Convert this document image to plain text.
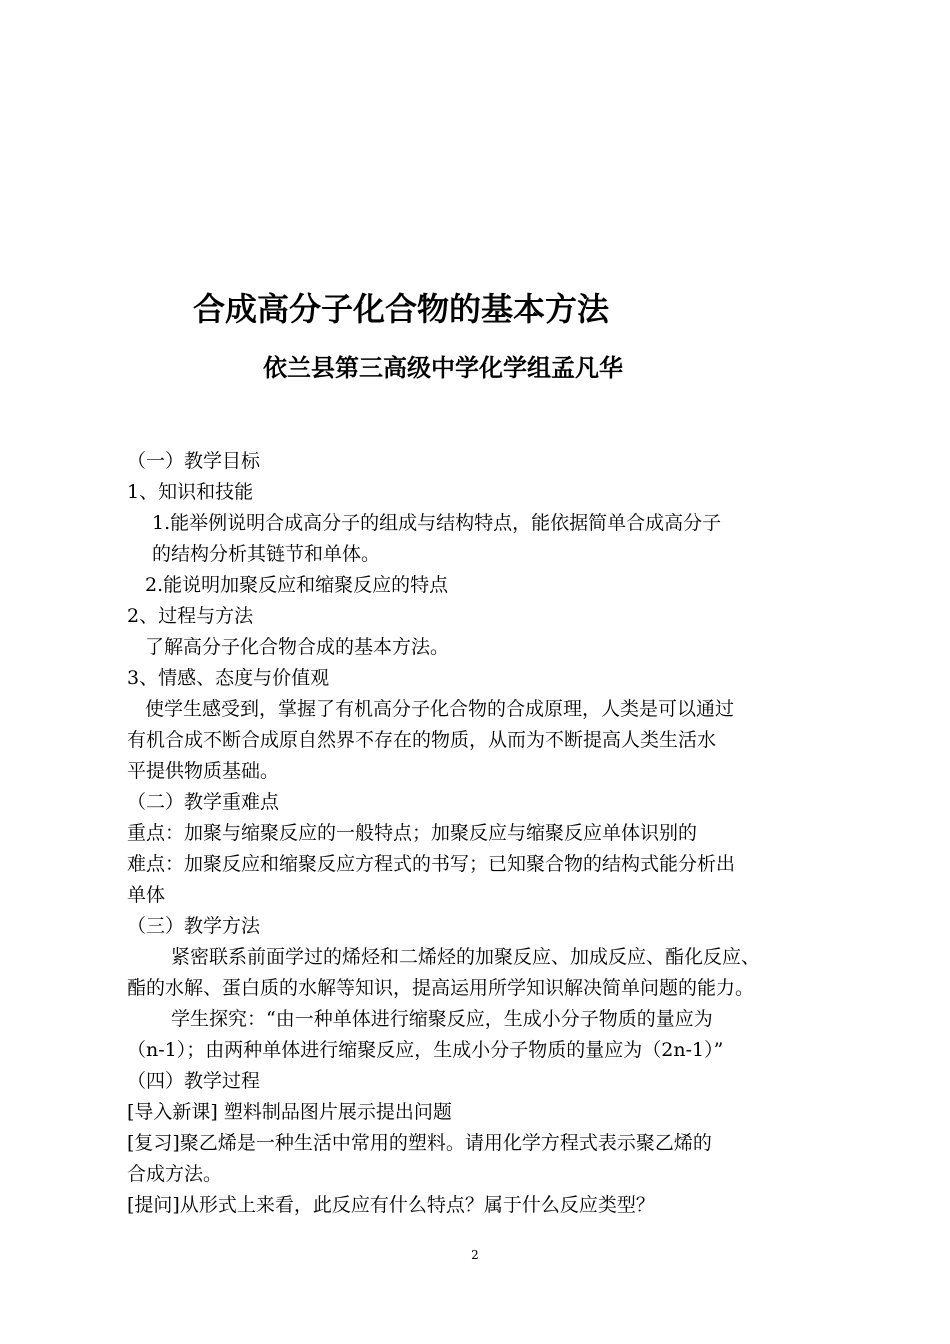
合成高分子化合物的基本方法
依兰县第三高级中学化学组孟凡华
（一）教学目标
1、知识和技能
1.能举例说明合成高分子的组成与结构特点，能依据简单合成高分子
的结构分析其链节和单体。
2.能说明加聚反应和缩聚反应的特点
2、过程与方法
了解高分子化合物合成的基本方法。
3、情感、态度与价值观
使学生感受到，掌握了有机高分子化合物的合成原理，人类是可以通过
有机合成不断合成原自然界不存在的物质，从而为不断提高人类生活水
平提供物质基础。
（二）教学重难点
重点：加聚与缩聚反应的一般特点；加聚反应与缩聚反应单体识别的
难点：加聚反应和缩聚反应方程式的书写；已知聚合物的结构式能分析出
单体
（三）教学方法
紧密联系前面学过的烯烃和二烯烃的加聚反应、加成反应、酯化反应、
酯的水解、蛋白质的水解等知识，提高运用所学知识解决简单问题的能力。
学生探究：“由一种单体进行缩聚反应，生成小分子物质的量应为
（n-1）；由两种单体进行缩聚反应，生成小分子物质的量应为（2n-1）”
（四）教学过程
[导入新课] 塑料制品图片展示提出问题
[复习]聚乙烯是一种生活中常用的塑料。请用化学方程式表示聚乙烯的
合成方法。
[提问]从形式上来看，此反应有什么特点？属于什么反应类型？
2
